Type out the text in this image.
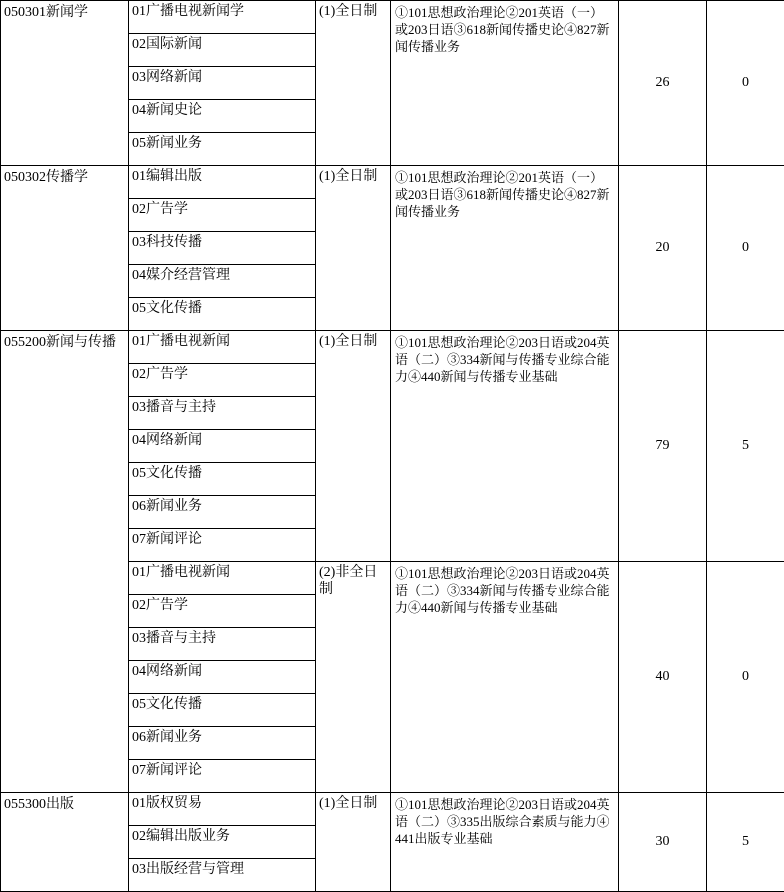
050301新闻学	01广播电视新闻学	(1)全日制	①101思想政治理论②201英语（一）或203日语③618新闻传播史论④827新闻传播业务	26	0
	02国际新闻				
	03网络新闻				
	04新闻史论				
	05新闻业务				
050302传播学	01编辑出版	(1)全日制	①101思想政治理论②201英语（一）或203日语③618新闻传播史论④827新闻传播业务	20	0
	02广告学				
	03科技传播				
	04媒介经营管理				
	05文化传播				
055200新闻与传播	01广播电视新闻	(1)全日制	①101思想政治理论②203日语或204英语（二）③334新闻与传播专业综合能力④440新闻与传播专业基础	79	5
	02广告学				
	03播音与主持				
	04网络新闻				
	05文化传播				
	06新闻业务				
	07新闻评论				
	01广播电视新闻	(2)非全日制	①101思想政治理论②203日语或204英语（二）③334新闻与传播专业综合能力④440新闻与传播专业基础	40	0
	02广告学				
	03播音与主持				
	04网络新闻				
	05文化传播				
	06新闻业务				
	07新闻评论				
055300出版	01版权贸易	(1)全日制	①101思想政治理论②203日语或204英语（二）③335出版综合素质与能力④441出版专业基础	30	5
	02编辑出版业务				
	03出版经营与管理				
